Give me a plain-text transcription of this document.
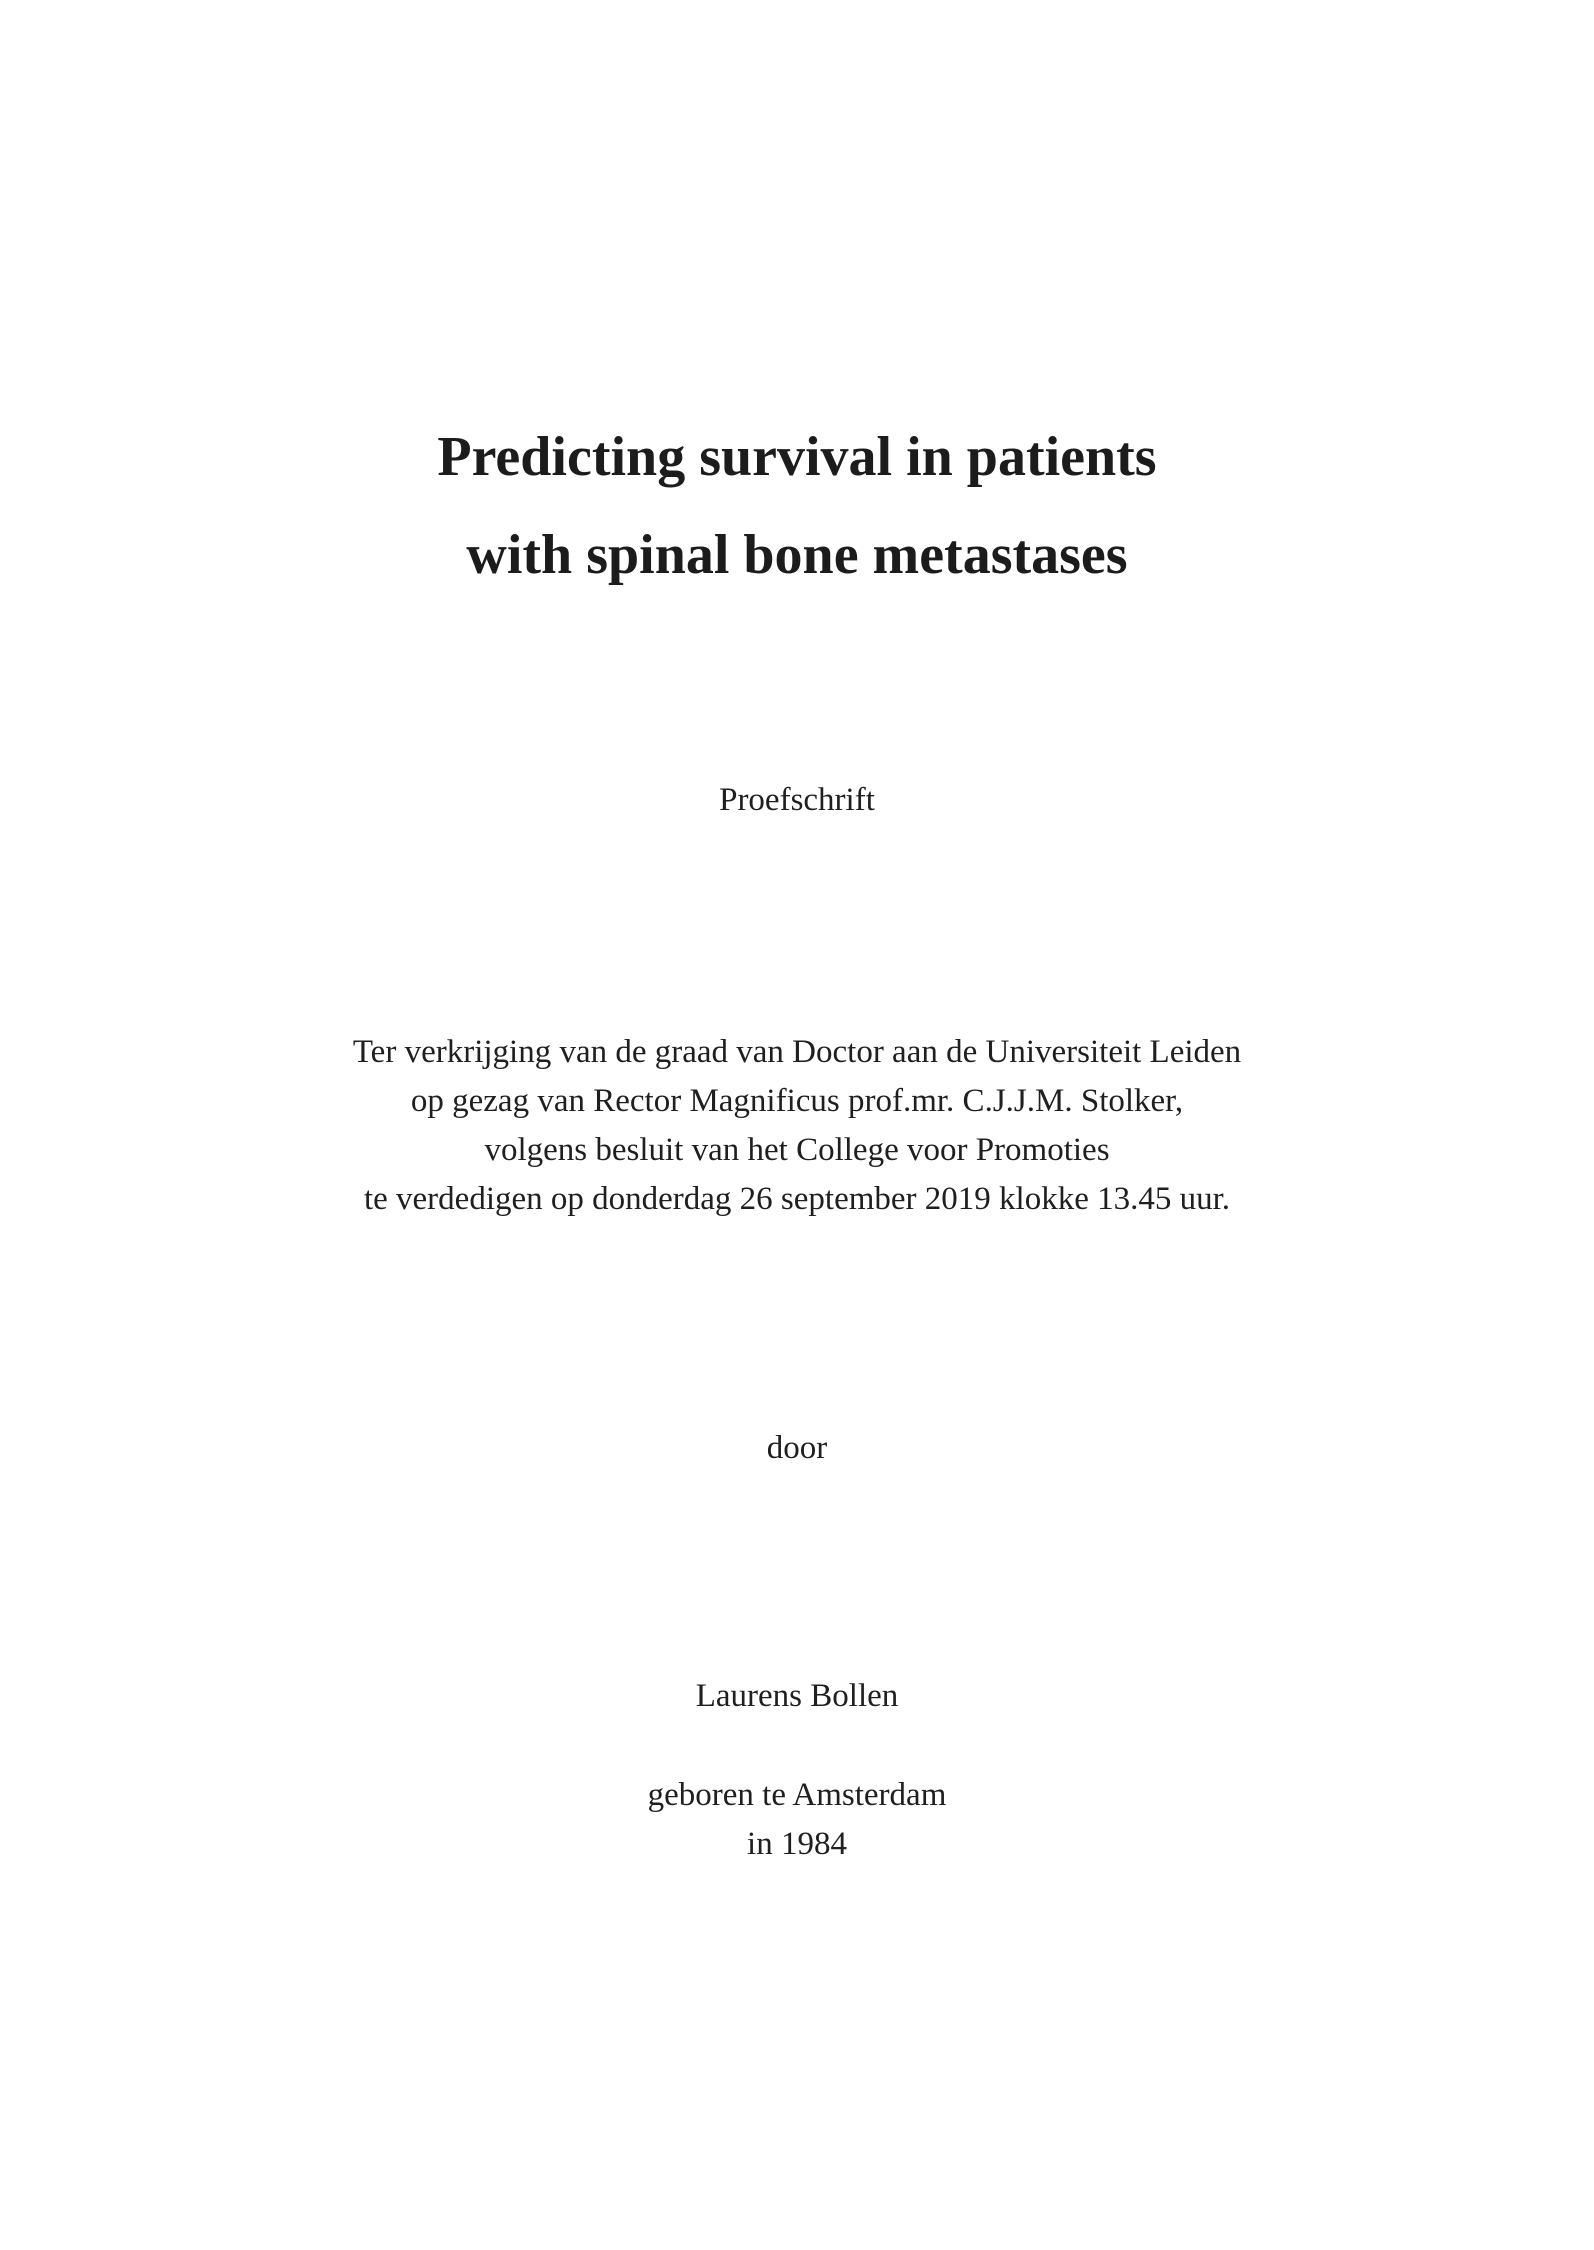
Predicting survival in patients
with spinal bone metastases
Proefschrift
Ter verkrijging van de graad van Doctor aan de Universiteit Leiden
op gezag van Rector Magnificus prof.mr. C.J.J.M. Stolker,
volgens besluit van het College voor Promoties
te verdedigen op donderdag 26 september 2019 klokke 13.45 uur.
door
Laurens Bollen
geboren te Amsterdam
in 1984
